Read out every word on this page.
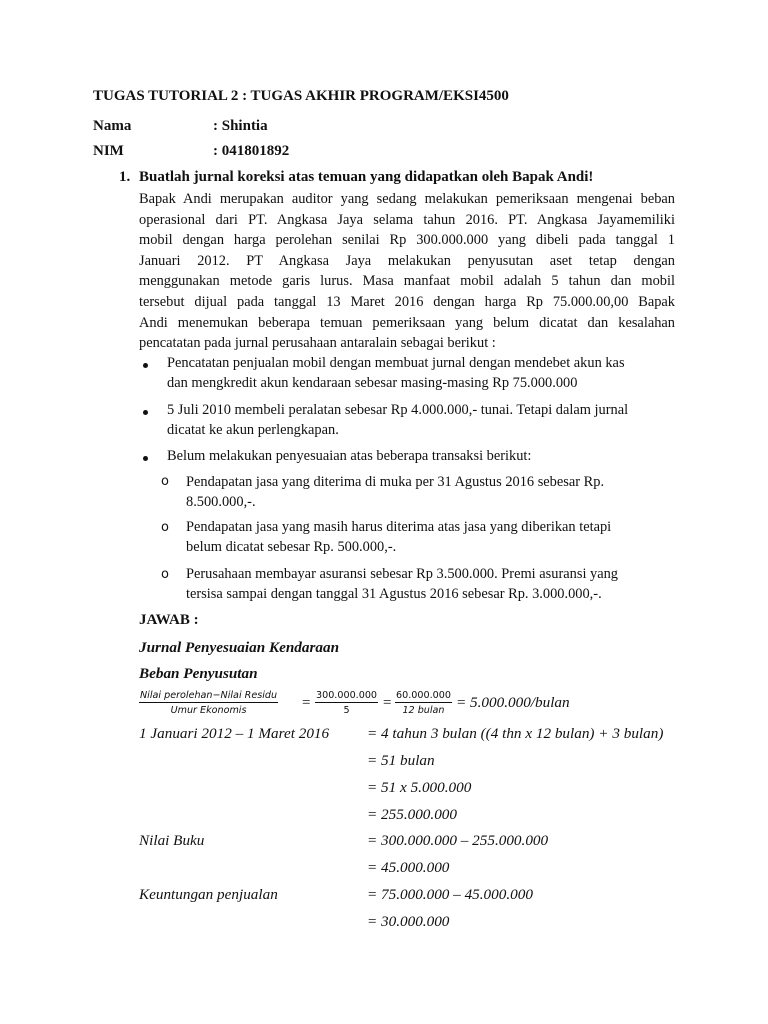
TUGAS TUTORIAL 2 : TUGAS AKHIR PROGRAM/EKSI4500
Nama	: Shintia
NIM	: 041801892
1. Buatlah jurnal koreksi atas temuan yang didapatkan oleh Bapak Andi!
Bapak Andi merupakan auditor yang sedang melakukan pemeriksaan mengenai beban
operasional dari PT. Angkasa Jaya selama tahun 2016. PT. Angkasa Jayamemiliki
mobil dengan harga perolehan senilai Rp 300.000.000 yang dibeli pada tanggal 1
Januari 2012. PT Angkasa Jaya melakukan penyusutan aset tetap dengan
menggunakan metode garis lurus. Masa manfaat mobil adalah 5 tahun dan mobil
tersebut dijual pada tanggal 13 Maret 2016 dengan harga Rp 75.000.00,00 Bapak
Andi menemukan beberapa temuan pemeriksaan yang belum dicatat dan kesalahan
pencatatan pada jurnal perusahaan antaralain sebagai berikut :
Pencatatan penjualan mobil dengan membuat jurnal dengan mendebet akun kas
dan mengkredit akun kendaraan sebesar masing-masing Rp 75.000.000
5 Juli 2010 membeli peralatan sebesar Rp 4.000.000,- tunai. Tetapi dalam jurnal
dicatat ke akun perlengkapan.
Belum melakukan penyesuaian atas beberapa transaksi berikut:
o Pendapatan jasa yang diterima di muka per 31 Agustus 2016 sebesar Rp.
8.500.000,-.
o Pendapatan jasa yang masih harus diterima atas jasa yang diberikan tetapi
belum dicatat sebesar Rp. 500.000,-.
o Perusahaan membayar asuransi sebesar Rp 3.500.000. Premi asuransi yang
tersisa sampai dengan tanggal 31 Agustus 2016 sebesar Rp. 3.000.000,-.
JAWAB :
Jurnal Penyesuaian Kendaraan
Beban Penyusutan
Nilai perolehan−Nilai Residu
Umur Ekonomis	= $\frac{300.000.000}{5} = 60.000.000$
12 bulan = 5.000.000/bulan
1 Januari 2012 – 1 Maret 2016 = 4 tahun 3 bulan ((4 thn x 12 bulan) + 3 bulan)
= 51 bulan
= 51 x 5.000.000
= 255.000.000
Nilai Buku	= 300.000.000 – 255.000.000
= 45.000.000
Keuntungan penjualan	= 75.000.000 – 45.000.000
= 30.000.000
